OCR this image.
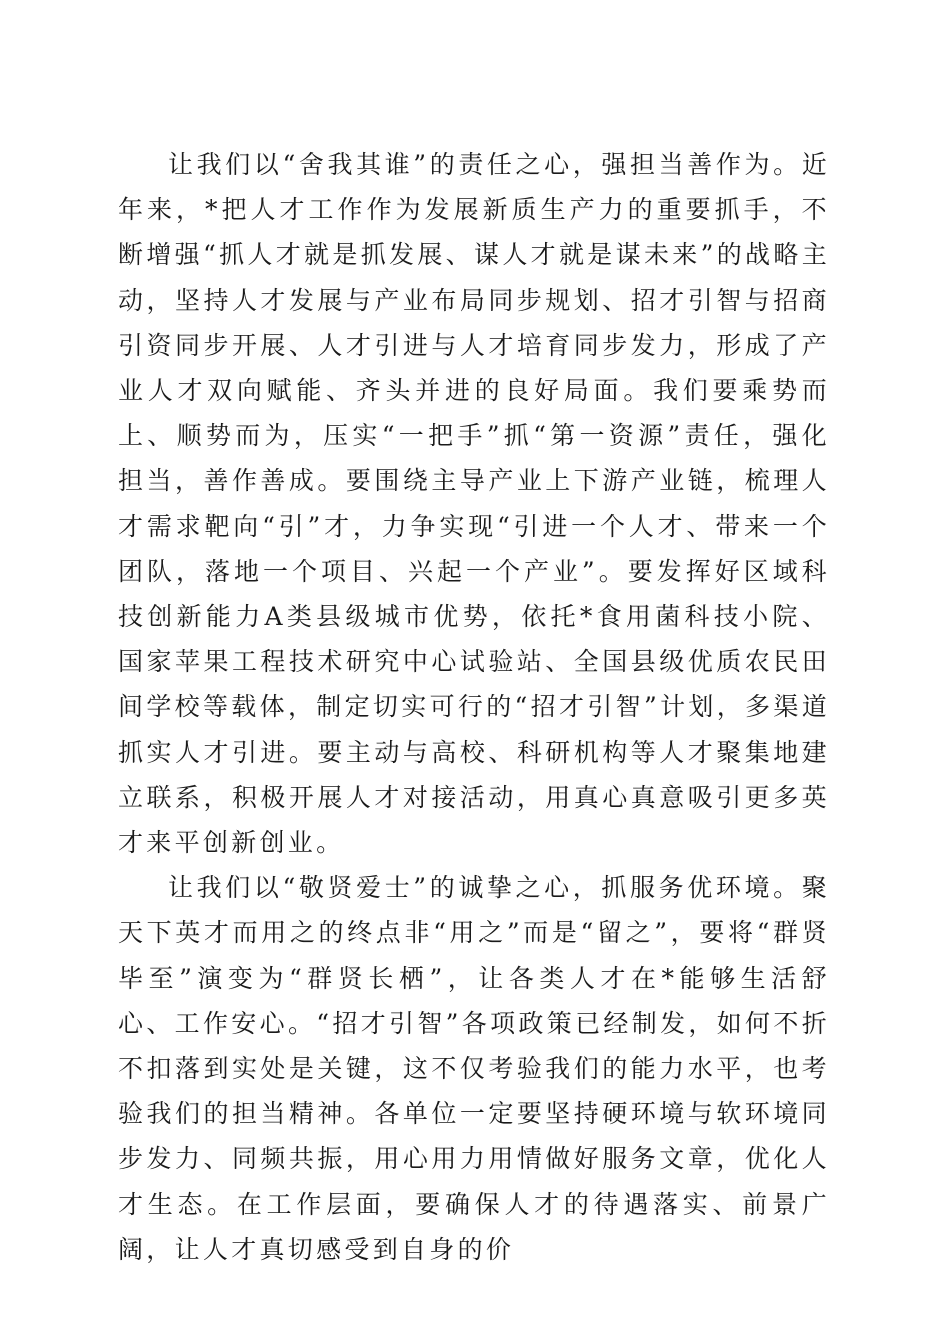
让我们以“舍我其谁”的责任之心，强担当善作为。近年来，*把人才工作作为发展新质生产力的重要抓手，不断增强“抓人才就是抓发展、谋人才就是谋未来”的战略主动，坚持人才发展与产业布局同步规划、招才引智与招商引资同步开展、人才引进与人才培育同步发力，形成了产业人才双向赋能、齐头并进的良好局面。我们要乘势而上、顺势而为，压实“一把手”抓“第一资源”责任，强化担当，善作善成。要围绕主导产业上下游产业链，梳理人才需求靶向“引”才，力争实现“引进一个人才、带来一个团队，落地一个项目、兴起一个产业”。要发挥好区域科技创新能力A类县级城市优势，依托*食用菌科技小院、国家苹果工程技术研究中心试验站、全国县级优质农民田间学校等载体，制定切实可行的“招才引智”计划，多渠道抓实人才引进。要主动与高校、科研机构等人才聚集地建立联系，积极开展人才对接活动，用真心真意吸引更多英才来平创新创业。

让我们以“敬贤爱士”的诚挚之心，抓服务优环境。聚天下英才而用之的终点非“用之”而是“留之”，要将“群贤毕至”演变为“群贤长栖”，让各类人才在*能够生活舒心、工作安心。“招才引智”各项政策已经制发，如何不折不扣落到实处是关键，这不仅考验我们的能力水平，也考验我们的担当精神。各单位一定要坚持硬环境与软环境同步发力、同频共振，用心用力用情做好服务文章，优化人才生态。在工作层面，要确保人才的待遇落实、前景广阔，让人才真切感受到自身的价
